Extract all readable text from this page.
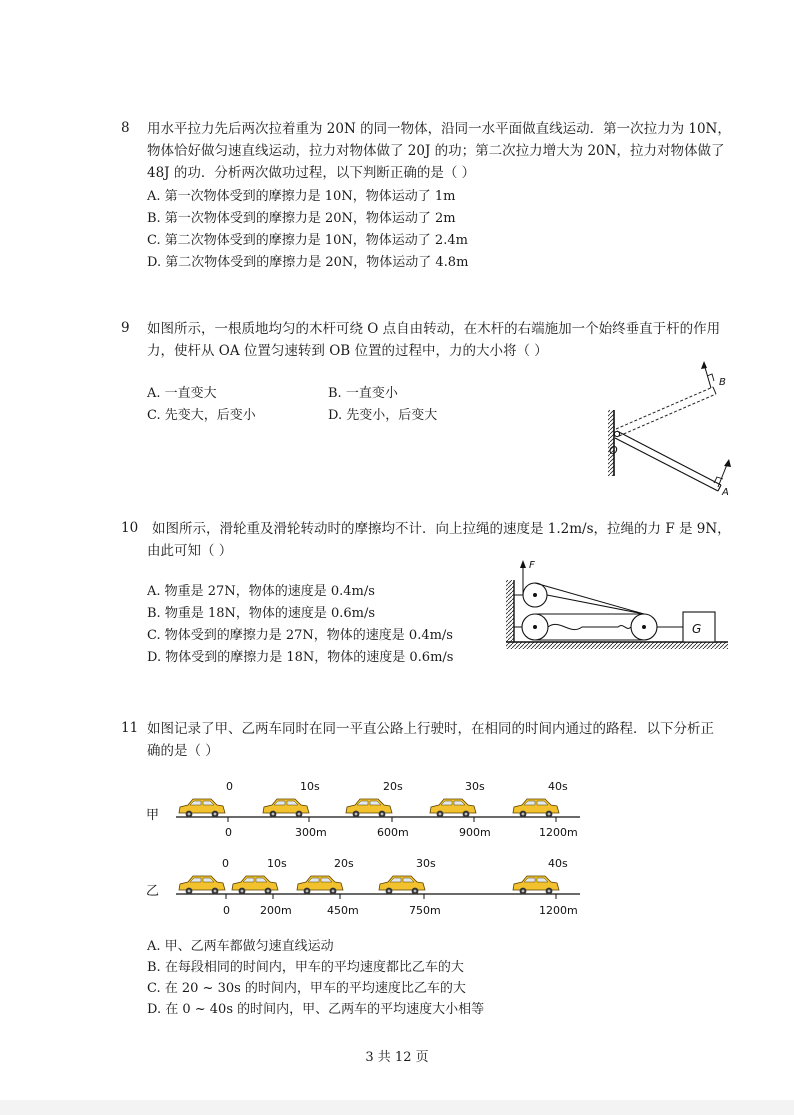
8 用水平拉力先后两次拉着重为 20N 的同一物体，沿同一水平面做直线运动．第一次拉力为 10N，
物体恰好做匀速直线运动，拉力对物体做了 20J 的功；第二次拉力增大为 20N，拉力对物体做了
48J 的功．分析两次做功过程，以下判断正确的是（ ）
A. 第一次物体受到的摩擦力是 10N，物体运动了 1m
B. 第一次物体受到的摩擦力是 20N，物体运动了 2m
C. 第二次物体受到的摩擦力是 10N，物体运动了 2.4m
D. 第二次物体受到的摩擦力是 20N，物体运动了 4.8m
9 如图所示，一根质地均匀的木杆可绕 O 点自由转动，在木杆的右端施加一个始终垂直于杆的作用
力，使杆从 OA 位置匀速转到 OB 位置的过程中，力的大小将（ ）
A. 一直变大	B. 一直变小
C. 先变大，后变小	D. 先变小，后变大
O
B
A
10 如图所示，滑轮重及滑轮转动时的摩擦均不计．向上拉绳的速度是 1.2m/s，拉绳的力 F 是 9N，
由此可知（ ）
A. 物重是 27N，物体的速度是 0.4m/s
B. 物重是 18N，物体的速度是 0.6m/s
C. 物体受到的摩擦力是 27N，物体的速度是 0.4m/s
D. 物体受到的摩擦力是 18N，物体的速度是 0.6m/s
F
G
11 如图记录了甲、乙两车同时在同一平直公路上行驶时，在相同的时间内通过的路程．以下分析正
确的是（ ）
甲
0	10s	20s	30s	40s
0	300m	600m	900m	1200m
乙
0	10s	20s	30s	40s
0	200m	450m	750m	1200m
A. 甲、乙两车都做匀速直线运动
B. 在每段相同的时间内，甲车的平均速度都比乙车的大
C. 在 20 ~ 30s 的时间内，甲车的平均速度比乙车的大
D. 在 0 ~ 40s 的时间内，甲、乙两车的平均速度大小相等
3 共 12 页
